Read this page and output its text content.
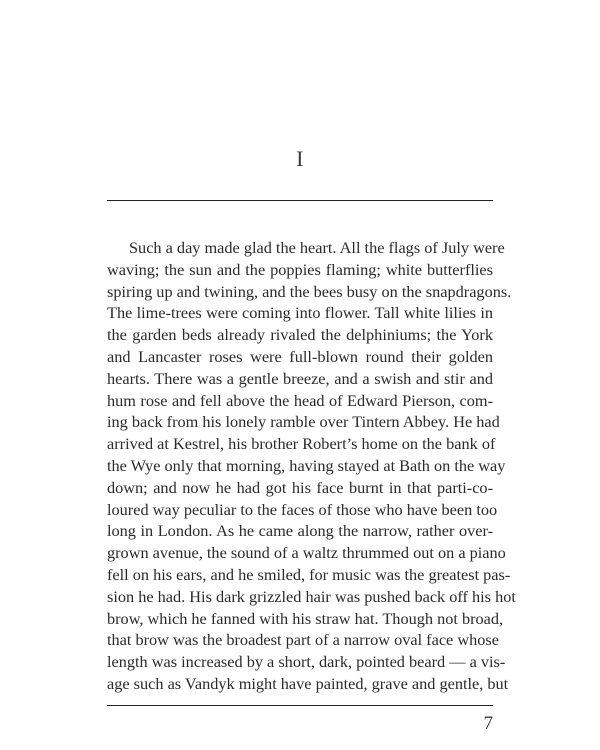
I
Such a day made glad the heart. All the flags of July were
waving; the sun and the poppies flaming; white butterflies
spiring up and twining, and the bees busy on the snapdragons.
The lime-trees were coming into flower. Tall white lilies in
the garden beds already rivaled the delphiniums; the York
and Lancaster roses were full-blown round their golden
hearts. There was a gentle breeze, and a swish and stir and
hum rose and fell above the head of Edward Pierson, com-
ing back from his lonely ramble over Tintern Abbey. He had
arrived at Kestrel, his brother Robert’s home on the bank of
the Wye only that morning, having stayed at Bath on the way
down; and now he had got his face burnt in that parti-co-
loured way peculiar to the faces of those who have been too
long in London. As he came along the narrow, rather over-
grown avenue, the sound of a waltz thrummed out on a piano
fell on his ears, and he smiled, for music was the greatest pas-
sion he had. His dark grizzled hair was pushed back off his hot
brow, which he fanned with his straw hat. Though not broad,
that brow was the broadest part of a narrow oval face whose
length was increased by a short, dark, pointed beard — a vis-
age such as Vandyk might have painted, grave and gentle, but
7
